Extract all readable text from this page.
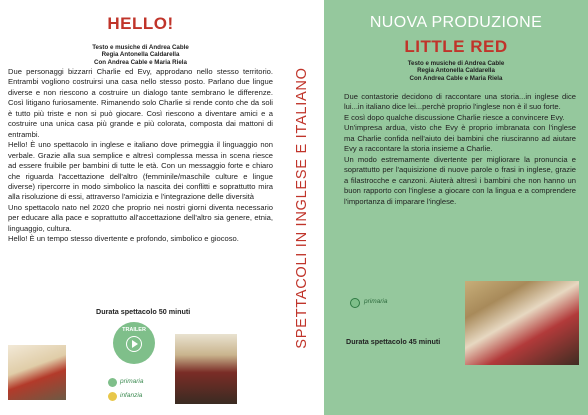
HELLO!
Testo e musiche di Andrea Cable
Regia Antonella Caldarella
Con Andrea Cable e Maria Riela

Due personaggi bizzarri Charlie ed Evy, approdano nello stesso territorio. Entrambi vogliono costruirsi una casa nello stesso posto. Parlano due lingue diverse e non riescono a costruire un dialogo tante sembrano le differenze. Così litigano furiosamente. Rimanendo solo Charlie si rende conto che da soli è tutto più triste e non si può giocare. Così riescono a diventare amici e a costruire una unica casa più grande e più colorata, composta dai mattoni di entrambi.

Hello! È uno spettacolo in inglese e italiano dove primeggia il linguaggio non verbale. Grazie alla sua semplice e altresì complessa messa in scena riesce ad essere fruibile per bambini di tutte le età. Con un messaggio forte e chiaro che riguarda l'accettazione dell'altro (femminile/maschile culture e lingue diverse) ripercorre in modo simbolico la nascita dei conflitti e soprattutto mira alla risoluzione di essi, attraverso l'amicizia e l'integrazione delle diversità

Uno spettacolo nato nel 2020 che proprio nei nostri giorni diventa necessario per educare alla pace e soprattutto all'accettazione dell'altro sia genere, etnia, linguaggio, cultura.

Hello! È un tempo stesso divertente e profondo, simbolico e giocoso.

Durata spettacolo 50 minuti
TRAILER
primaria
infanzia
SPETTACOLI IN INGLESE E ITALIANO
NUOVA PRODUZIONE
LITTLE RED
Testo e musiche di Andrea Cable
Regia Antonella Caldarella
Con Andrea Cable e Maria Riela

Due contastorie decidono di raccontare una storia...in inglese dice lui...in italiano dice lei...perchè proprio l'inglese non è il suo forte.

E così dopo qualche discussione Charlie riesce a convincere Evy.

Un'impresa ardua, visto che Evy è proprio imbranata con l'inglese ma Charlie confida nell'aiuto dei bambini che riusciranno ad aiutare Evy a raccontare la storia insieme a Charlie.

Un modo estremamente divertente per migliorare la pronuncia e soprattutto per l'aquisizione di nuove parole o frasi in inglese, grazie a filastrocche e canzoni. Aiuterà altresì i bambini che non hanno un buon rapporto con l'inglese a giocare con la lingua e a comprendere l'importanza di imparare l'inglese.

primaria
Durata spettacolo 45 minuti
